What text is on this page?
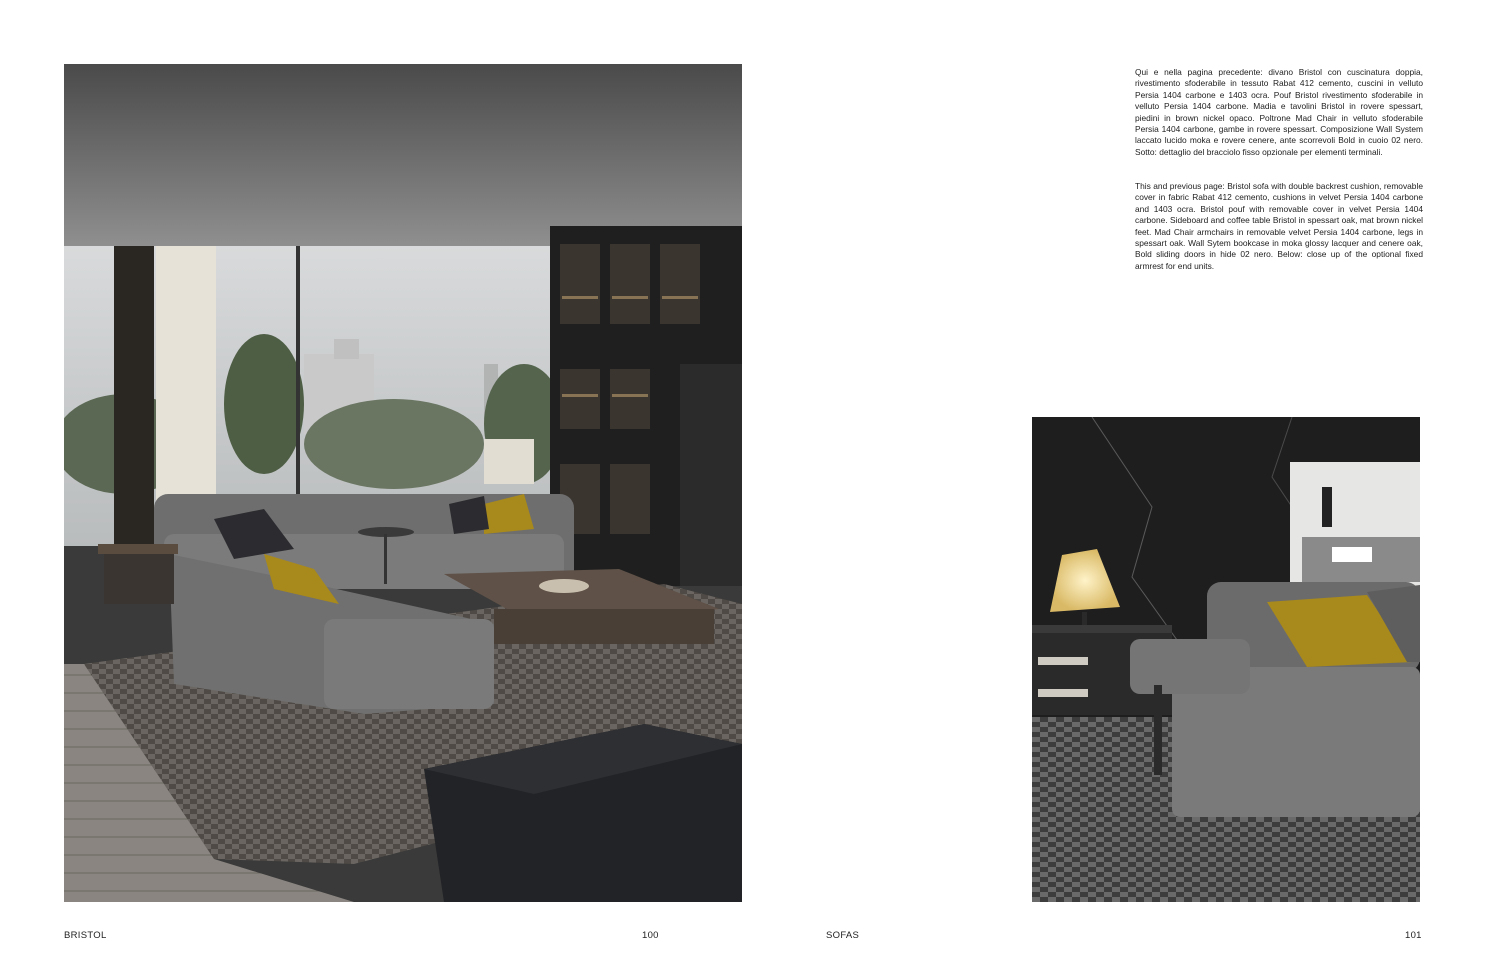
Qui e nella pagina precedente: divano Bristol con cuscinatura doppia, rivestimento sfoderabile in tessuto Rabat 412 cemento, cuscini in velluto Persia 1404 carbone e 1403 ocra. Pouf Bristol rivestimento sfoderabile in velluto Persia 1404 carbone. Madia e tavolini Bristol in rovere spessart, piedini in brown nickel opaco. Poltrone Mad Chair in velluto sfoderabile Persia 1404 carbone, gambe in rovere spessart. Composizione Wall System laccato lucido moka e rovere cenere, ante scorrevoli Bold in cuoio 02 nero. Sotto: dettaglio del bracciolo fisso opzionale per elementi terminali.
This and previous page: Bristol sofa with double backrest cushion, removable cover in fabric Rabat 412 cemento, cushions in velvet Persia 1404 carbone and 1403 ocra. Bristol pouf with removable cover in velvet Persia 1404 carbone. Sideboard and coffee table Bristol in spessart oak, mat brown nickel feet. Mad Chair armchairs in removable velvet Persia 1404 carbone, legs in spessart oak. Wall Sytem bookcase in moka glossy lacquer and cenere oak, Bold sliding doors in hide 02 nero. Below: close up of the optional fixed armrest for end units.
BRISTOL	100	SOFAS	101
